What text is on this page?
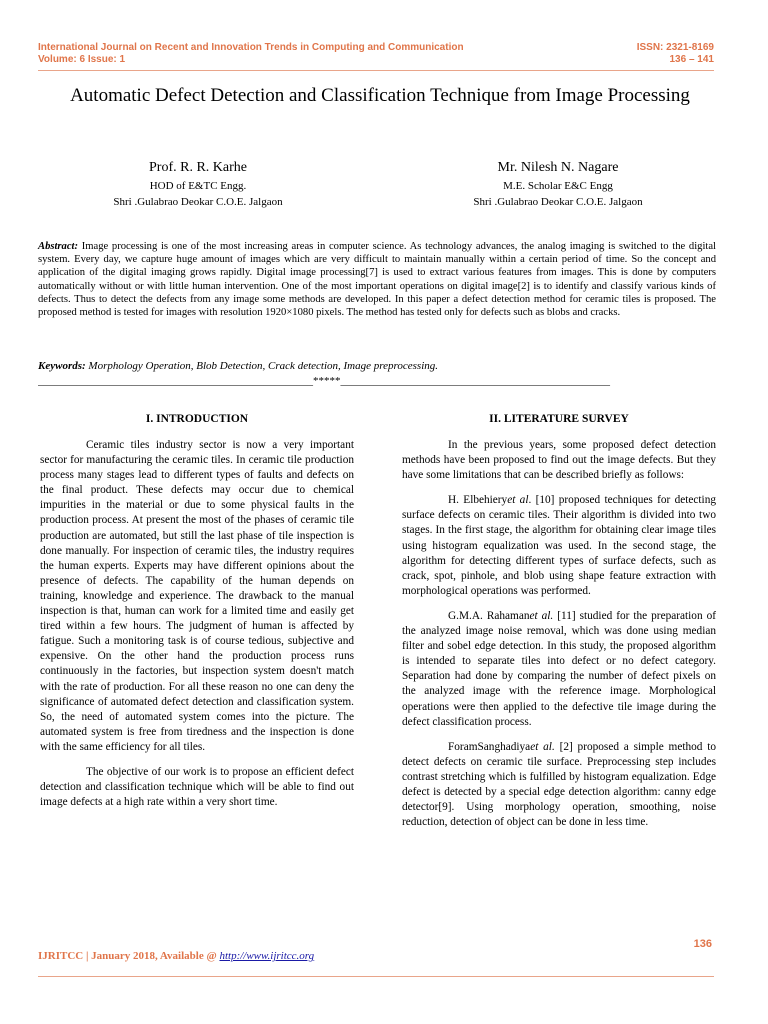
International Journal on Recent and Innovation Trends in Computing and Communication
Volume: 6 Issue: 1
ISSN: 2321-8169
136 – 141
Automatic Defect Detection and Classification Technique from Image Processing
Prof. R. R. Karhe
HOD of E&TC Engg.
Shri .Gulabrao Deokar C.O.E. Jalgaon
Mr. Nilesh N. Nagare
M.E. Scholar E&C Engg
Shri .Gulabrao Deokar C.O.E. Jalgaon
Abstract: Image processing is one of the most increasing areas in computer science. As technology advances, the analog imaging is switched to the digital system. Every day, we capture huge amount of images which are very difficult to maintain manually within a certain period of time. So the concept and application of the digital imaging grows rapidly. Digital image processing[7] is used to extract various features from images. This is done by computers automatically without or with little human intervention. One of the most important operations on digital image[2] is to identify and classify various kinds of defects. Thus to detect the defects from any image some methods are developed. In this paper a defect detection method for ceramic tiles is proposed. The proposed method is tested for images with resolution 1920×1080 pixels. The method has tested only for defects such as blobs and cracks.
Keywords: Morphology Operation, Blob Detection, Crack detection, Image preprocessing.
__________________________________________________*****_________________________________________________
I. INTRODUCTION

Ceramic tiles industry sector is now a very important sector for manufacturing the ceramic tiles. In ceramic tile production process many stages lead to different types of faults and defects on the final product. These defects may occur due to chemical impurities in the material or due to some physical faults in the production process. At present the most of the phases of ceramic tile production are automated, but still the last phase of tile inspection is done manually. For inspection of ceramic tiles, the industry requires the human experts. Experts may have different opinions about the presence of defects. The capability of the human depends on training, knowledge and experience. The drawback to the manual inspection is that, human can work for a limited time and easily get tired within a few hours. The judgment of human is affected by fatigue. Such a monitoring task is of course tedious, subjective and expensive. On the other hand the production process runs continuously in the factories, but inspection system doesn't match with the rate of production. For all these reason no one can deny the significance of automated defect detection and classification system. So, the need of automated system comes into the picture. The automated system is free from tiredness and the inspection is done with the same efficiency for all tiles.

The objective of our work is to propose an efficient defect detection and classification technique which will be able to find out image defects at a high rate within a very short time.

II. LITERATURE SURVEY

In the previous years, some proposed defect detection methods have been proposed to find out the image defects. But they have some limitations that can be described briefly as follows:

H. Elbehieryet al. [10] proposed techniques for detecting surface defects on ceramic tiles. Their algorithm is divided into two stages. In the first stage, the algorithm for obtaining clear image tiles using histogram equalization was used. In the second stage, the algorithm for detecting different types of surface defects, such as crack, spot, pinhole, and blob using shape feature extraction with morphological operations was performed.

G.M.A. Rahamanet al. [11] studied for the preparation of the analyzed image noise removal, which was done using median filter and sobel edge detection. In this study, the proposed algorithm is intended to separate tiles into defect or no defect category. Separation had done by comparing the number of defect pixels on the analyzed image with the reference image. Morphological operations were then applied to the defective tile image during the defect classification process.

ForamSanghadiyaet al. [2] proposed a simple method to detect defects on ceramic tile surface. Preprocessing step includes contrast stretching which is fulfilled by histogram equalization. Edge defect is detected by a special edge detection algorithm: canny edge detector[9]. Using morphology operation, smoothing, noise reduction, detection of object can be done in less time.

136
IJRITCC | January 2018, Available @ http://www.ijritcc.org
